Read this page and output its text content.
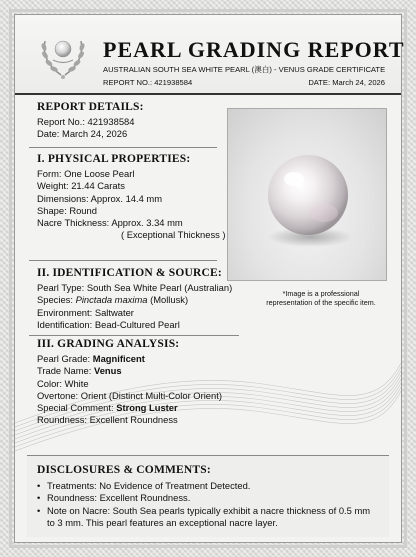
PEARL GRADING REPORT
AUSTRALIAN SOUTH SEA WHITE PEARL (澳白) - VENUS GRADE CERTIFICATE
REPORT NO.: 421938584	DATE: March 24, 2026
REPORT DETAILS:
Report No.: 421938584
Date: March 24, 2026
I. PHYSICAL PROPERTIES:
Form: One Loose Pearl
Weight: 21.44 Carats
Dimensions: Approx. 14.4 mm
Shape: Round
Nacre Thickness: Approx. 3.34 mm
( Exceptional Thickness )
*Image is a professional representation of the specific item.
II. IDENTIFICATION & SOURCE:
Pearl Type: South Sea White Pearl (Australian)
Species: Pinctada maxima (Mollusk)
Environment: Saltwater
Identification: Bead-Cultured Pearl
III. GRADING ANALYSIS:
Pearl Grade: Magnificent
Trade Name: Venus
Color: White
Overtone: Orient (Distinct Multi-Color Orient)
Special Comment: Strong Luster
Roundness: Excellent Roundness
DISCLOSURES & COMMENTS:
• Treatments: No Evidence of Treatment Detected.
• Roundness: Excellent Roundness.
• Note on Nacre: South Sea pearls typically exhibit a nacre thickness of 0.5 mm
to 3 mm. This pearl features an exceptional nacre layer.
